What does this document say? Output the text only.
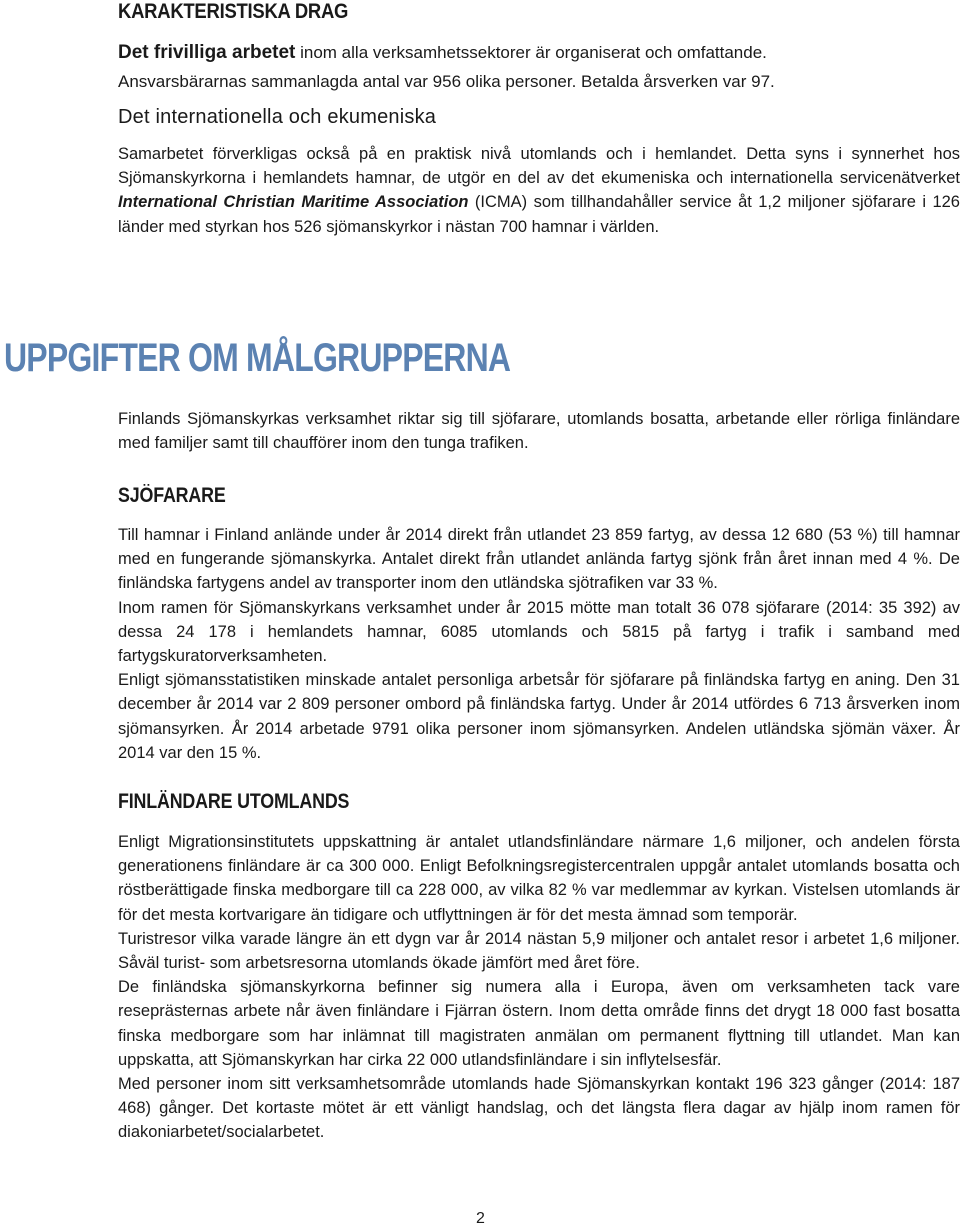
KARAKTERISTISKA DRAG
Det frivilliga arbetet inom alla verksamhetssektorer är organiserat och omfattande.
Ansvarsbärarnas sammanlagda antal var 956 olika personer. Betalda årsverken var 97.
Det internationella och ekumeniska
Samarbetet förverkligas också på en praktisk nivå utomlands och i hemlandet. Detta syns i synnerhet hos Sjömanskyrkorna i hemlandets hamnar, de utgör en del av det ekumeniska och internationella servicenätverket International Christian Maritime Association (ICMA) som tillhandahåller service åt 1,2 miljoner sjöfarare i 126 länder med styrkan hos 526 sjömanskyrkor i nästan 700 hamnar i världen.
UPPGIFTER OM MÅLGRUPPERNA
Finlands Sjömanskyrkas verksamhet riktar sig till sjöfarare, utomlands bosatta, arbetande eller rörliga finländare med familjer samt till chaufförer inom den tunga trafiken.
SJÖFARARE

Till hamnar i Finland anlände under år 2014 direkt från utlandet 23 859 fartyg, av dessa 12 680 (53 %) till hamnar med en fungerande sjömanskyrka. Antalet direkt från utlandet anlända fartyg sjönk från året innan med 4 %. De finländska fartygens andel av transporter inom den utländska sjötrafiken var 33 %.

Inom ramen för Sjömanskyrkans verksamhet under år 2015 mötte man totalt 36 078 sjöfarare (2014: 35 392) av dessa 24 178 i hemlandets hamnar, 6085 utomlands och 5815 på fartyg i trafik i samband med fartygskuratorverksamheten.

Enligt sjömansstatistiken minskade antalet personliga arbetsår för sjöfarare på finländska fartyg en aning. Den 31 december år 2014 var 2 809 personer ombord på finländska fartyg. Under år 2014 utfördes 6 713 årsverken inom sjömansyrken. År 2014 arbetade 9791 olika personer inom sjömansyrken. Andelen utländska sjömän växer. År 2014 var den 15 %.

FINLÄNDARE UTOMLANDS

Enligt Migrationsinstitutets uppskattning är antalet utlandsfinländare närmare 1,6 miljoner, och andelen första generationens finländare är ca 300 000. Enligt Befolkningsregistercentralen uppgår antalet utomlands bosatta och röstberättigade finska medborgare till ca 228 000, av vilka 82 % var medlemmar av kyrkan. Vistelsen utomlands är för det mesta kortvarigare än tidigare och utflyttningen är för det mesta ämnad som temporär.

Turistresor vilka varade längre än ett dygn var år 2014 nästan 5,9 miljoner och antalet resor i arbetet 1,6 miljoner. Såväl turist- som arbetsresorna utomlands ökade jämfört med året före.

De finländska sjömanskyrkorna befinner sig numera alla i Europa, även om verksamheten tack vare reseprästernas arbete når även finländare i Fjärran östern. Inom detta område finns det drygt 18 000 fast bosatta finska medborgare som har inlämnat till magistraten anmälan om permanent flyttning till utlandet. Man kan uppskatta, att Sjömanskyrkan har cirka 22 000 utlandsfinländare i sin inflytelsesfär.

Med personer inom sitt verksamhetsområde utomlands hade Sjömanskyrkan kontakt 196 323 gånger (2014: 187 468) gånger. Det kortaste mötet är ett vänligt handslag, och det längsta flera dagar av hjälp inom ramen för diakoniarbetet/socialarbetet.

2
